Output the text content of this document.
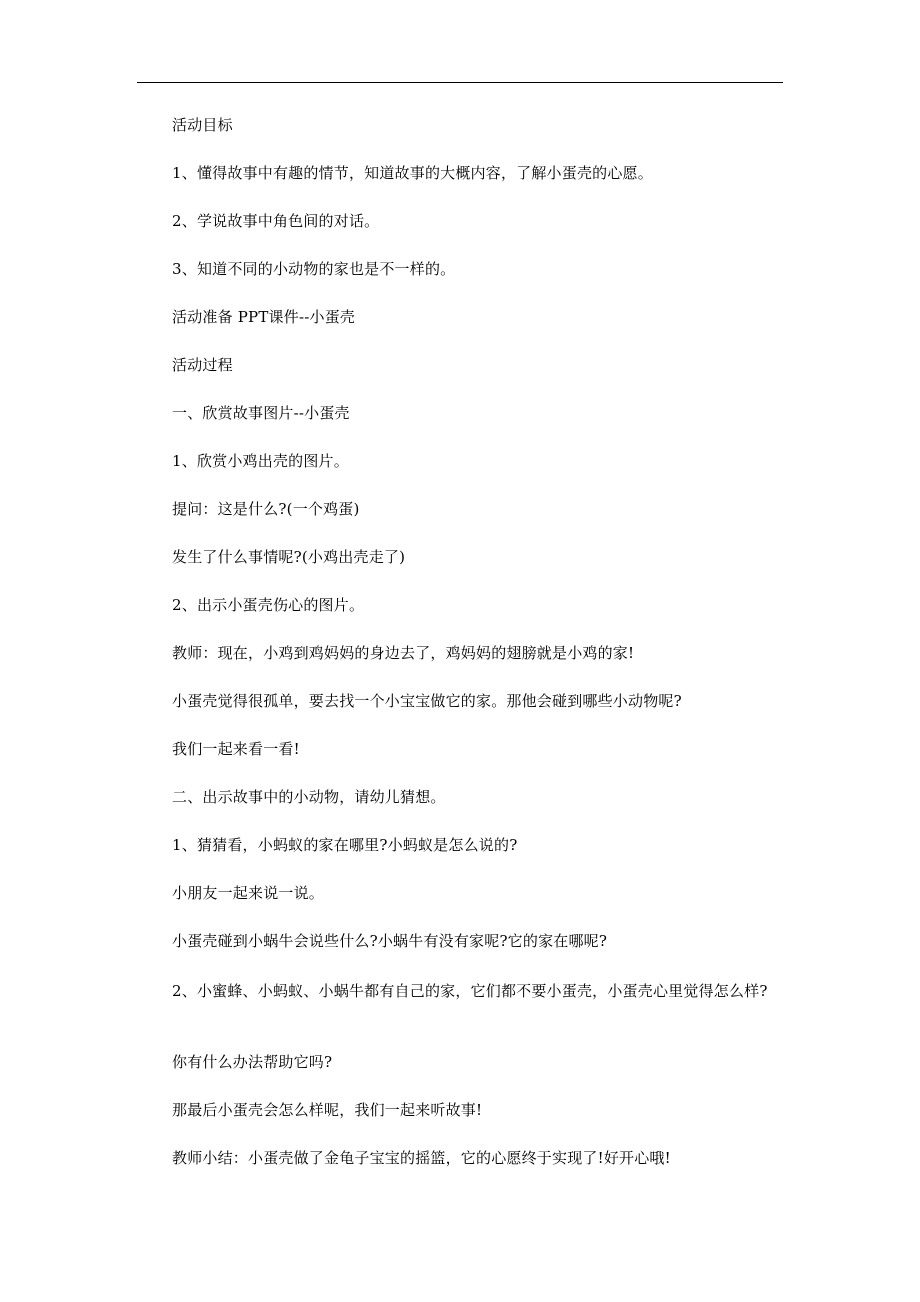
活动目标
1、懂得故事中有趣的情节，知道故事的大概内容，了解小蛋壳的心愿。
2、学说故事中角色间的对话。
3、知道不同的小动物的家也是不一样的。
活动准备 PPT课件--小蛋壳
活动过程
一、欣赏故事图片--小蛋壳
1、欣赏小鸡出壳的图片。
提问：这是什么?(一个鸡蛋)
发生了什么事情呢?(小鸡出壳走了)
2、出示小蛋壳伤心的图片。
教师：现在，小鸡到鸡妈妈的身边去了，鸡妈妈的翅膀就是小鸡的家!
小蛋壳觉得很孤单，要去找一个小宝宝做它的家。那他会碰到哪些小动物呢?
我们一起来看一看!
二、出示故事中的小动物，请幼儿猜想。
1、猜猜看，小蚂蚁的家在哪里?小蚂蚁是怎么说的?
小朋友一起来说一说。
小蛋壳碰到小蜗牛会说些什么?小蜗牛有没有家呢?它的家在哪呢?
2、小蜜蜂、小蚂蚁、小蜗牛都有自己的家，它们都不要小蛋壳，小蛋壳心里觉得怎么样?
你有什么办法帮助它吗?
那最后小蛋壳会怎么样呢，我们一起来听故事!
教师小结：小蛋壳做了金龟子宝宝的摇篮，它的心愿终于实现了!好开心哦!
